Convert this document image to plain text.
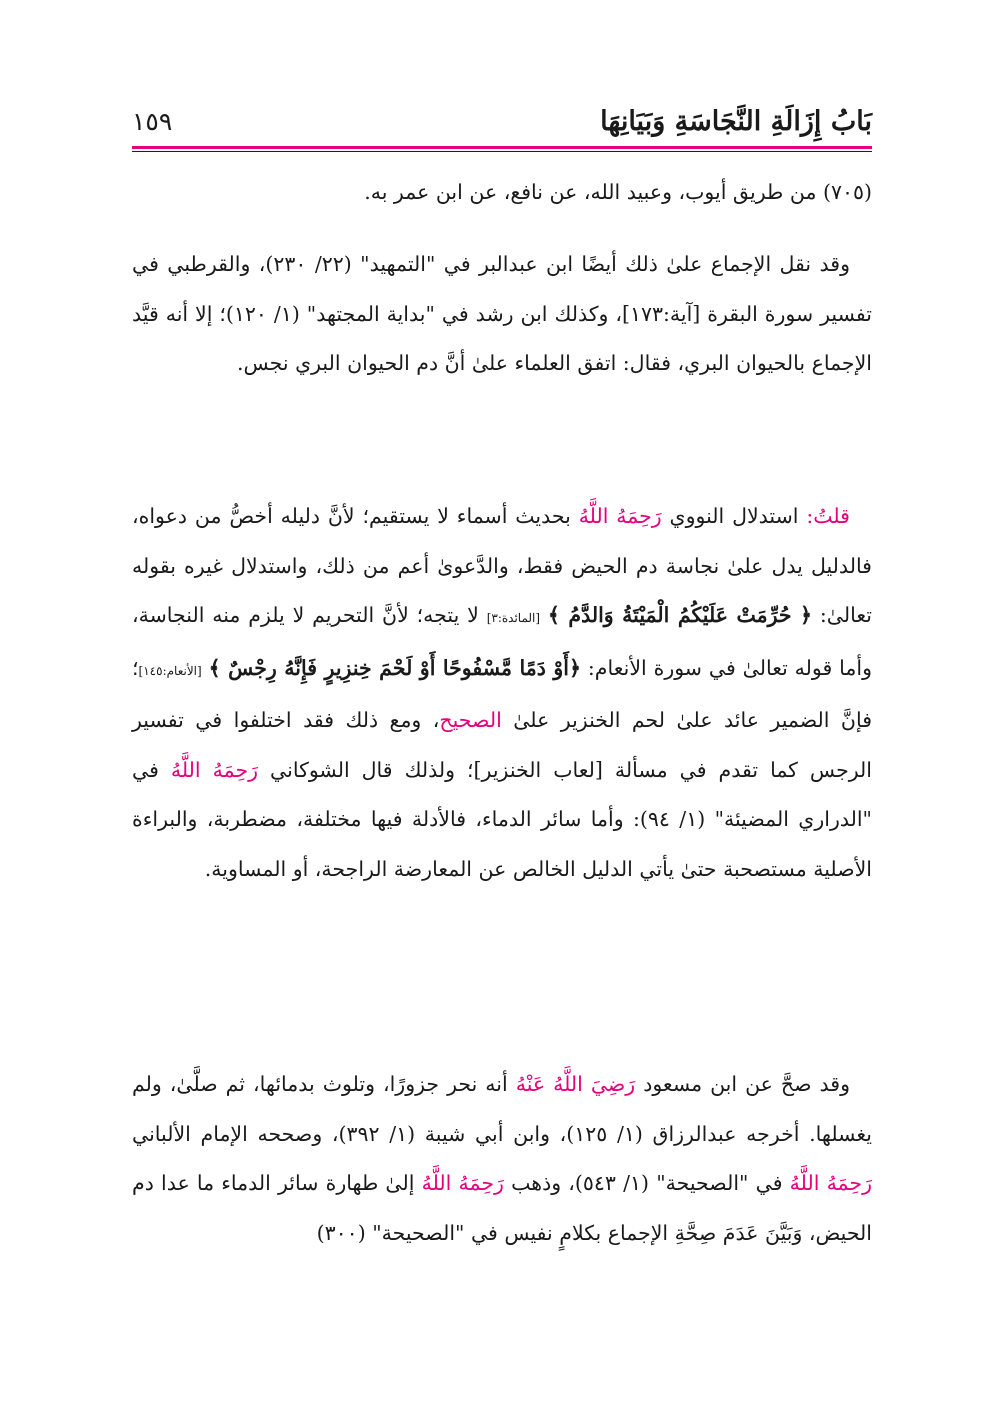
بَابُ إِزَالَةِ النَّجَاسَةِ وَبَيَانِهَا
١٥٩
(٧٠٥) من طريق أيوب، وعبيد الله، عن نافع، عن ابن عمر به.
وقد نقل الإجماع علىٰ ذلك أيضًا ابن عبدالبر في "التمهيد" (٢٢/ ٢٣٠)، والقرطبي في تفسير سورة البقرة [آية:١٧٣]، وكذلك ابن رشد في "بداية المجتهد" (١/ ١٢٠)؛ إلا أنه قيَّد الإجماع بالحيوان البري، فقال: اتفق العلماء علىٰ أنَّ دم الحيوان البري نجس.
قلتُ: استدلال النووي رَحِمَهُ اللَّهُ بحديث أسماء لا يستقيم؛ لأنَّ دليله أخصُّ من دعواه، فالدليل يدل علىٰ نجاسة دم الحيض فقط، والدَّعوىٰ أعم من ذلك، واستدلال غيره بقوله تعالىٰ: ﴿ حُرِّمَتْ عَلَيْكُمُ الْمَيْتَةُ وَالدَّمُ ﴾ [المائدة:٣] لا يتجه؛ لأنَّ التحريم لا يلزم منه النجاسة، وأما قوله تعالىٰ في سورة الأنعام: ﴿أَوْ دَمًا مَّسْفُوحًا أَوْ لَحْمَ خِنزِيرٍ فَإِنَّهُ رِجْسٌ ﴾ [الأنعام:١٤٥]؛ فإنَّ الضمير عائد علىٰ لحم الخنزير علىٰ الصحيح، ومع ذلك فقد اختلفوا في تفسير الرجس كما تقدم في مسألة [لعاب الخنزير]؛ ولذلك قال الشوكاني رَحِمَهُ اللَّهُ في "الدراري المضيئة" (١/ ٩٤): وأما سائر الدماء، فالأدلة فيها مختلفة، مضطربة، والبراءة الأصلية مستصحبة حتىٰ يأتي الدليل الخالص عن المعارضة الراجحة، أو المساوية.
وقد صحَّ عن ابن مسعود رَضِيَ اللَّهُ عَنْهُ أنه نحر جزورًا، وتلوث بدمائها، ثم صلَّىٰ، ولم يغسلها. أخرجه عبدالرزاق (١/ ١٢٥)، وابن أبي شيبة (١/ ٣٩٢)، وصححه الإمام الألباني رَحِمَهُ اللَّهُ في "الصحيحة" (١/ ٥٤٣)، وذهب رَحِمَهُ اللَّهُ إلىٰ طهارة سائر الدماء ما عدا دم الحيض، وَبَيَّنَ عَدَمَ صِحَّةِ الإجماع بكلامٍ نفيس في "الصحيحة" (٣٠٠)
